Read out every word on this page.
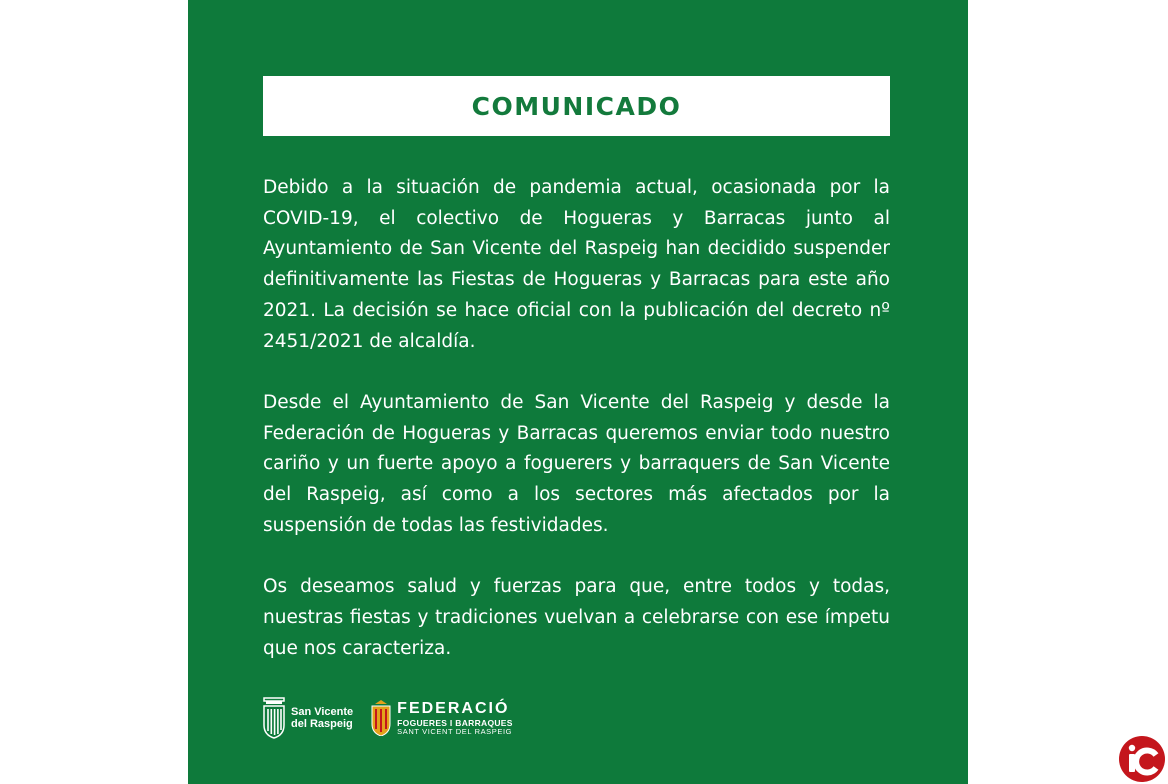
COMUNICADO

Debido a la situación de pandemia actual, ocasionada por la COVID-19, el colectivo de Hogueras y Barracas junto al Ayuntamiento de San Vicente del Raspeig han decidido suspender definitivamente las Fiestas de Hogueras y Barracas para este año 2021. La decisión se hace oficial con la publicación del decreto nº 2451/2021 de alcaldía.

Desde el Ayuntamiento de San Vicente del Raspeig y desde la Federación de Hogueras y Barracas queremos enviar todo nuestro cariño y un fuerte apoyo a foguerers y barraquers de San Vicente del Raspeig, así como a los sectores más afectados por la suspensión de todas las festividades.

Os deseamos salud y fuerzas para que, entre todos y todas, nuestras fiestas y tradiciones vuelvan a celebrarse con ese ímpetu que nos caracteriza.

San Vicente
del Raspeig
FEDERACIÓ
FOGUERES I BARRAQUES
SANT VICENT DEL RASPEIG
